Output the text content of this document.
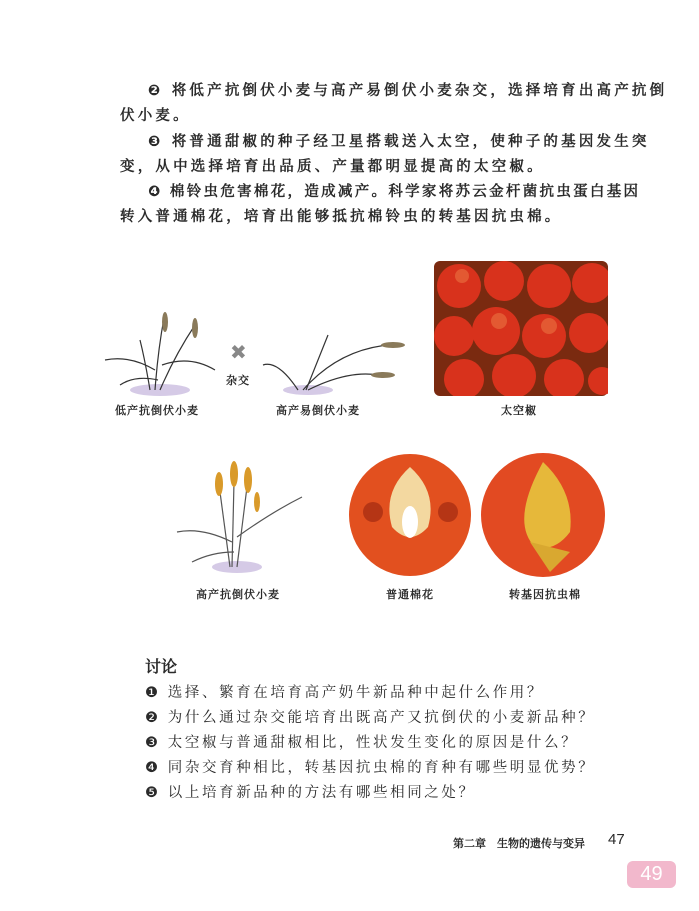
❷ 将低产抗倒伏小麦与高产易倒伏小麦杂交，选择培育出高产抗倒
伏小麦。
❸ 将普通甜椒的种子经卫星搭载送入太空，使种子的基因发生突
变，从中选择培育出品质、产量都明显提高的太空椒。
❹ 棉铃虫危害棉花，造成减产。科学家将苏云金杆菌抗虫蛋白基因
转入普通棉花，培育出能够抵抗棉铃虫的转基因抗虫棉。
✖
杂交
低产抗倒伏小麦	高产易倒伏小麦	太空椒
高产抗倒伏小麦	普通棉花	转基因抗虫棉
讨论
❶ 选择、繁育在培育高产奶牛新品种中起什么作用？
❷ 为什么通过杂交能培育出既高产又抗倒伏的小麦新品种？
❸ 太空椒与普通甜椒相比，性状发生变化的原因是什么？
❹ 同杂交育种相比，转基因抗虫棉的育种有哪些明显优势？
❺ 以上培育新品种的方法有哪些相同之处？
第二章　生物的遗传与变异 47
49
